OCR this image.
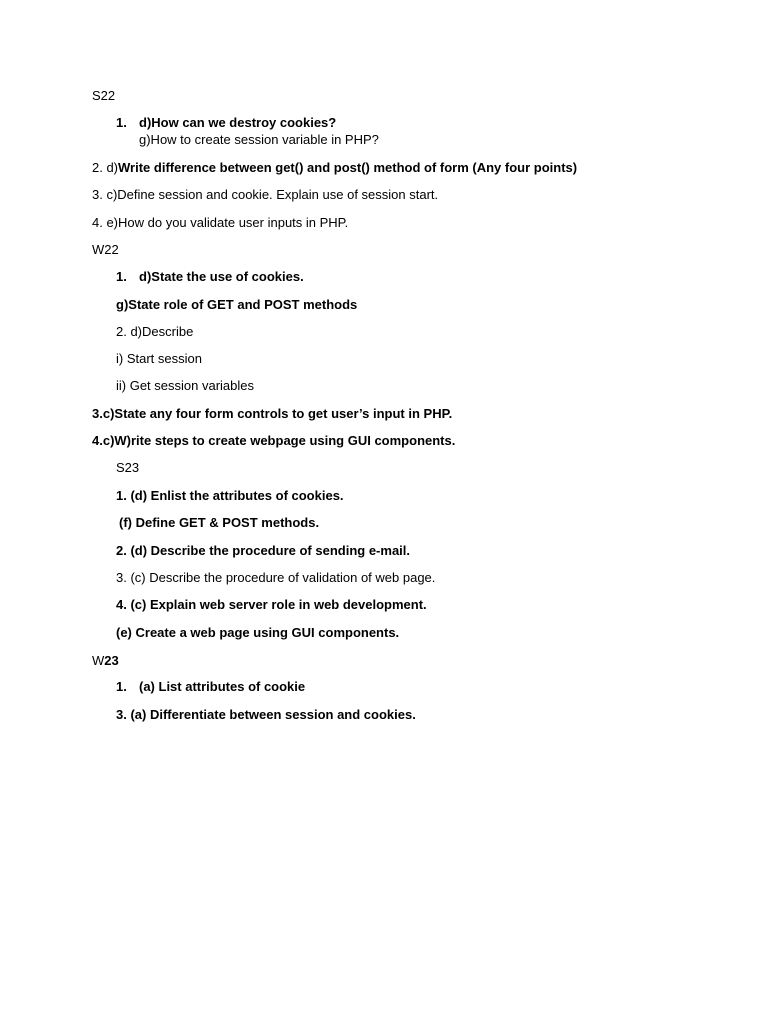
S22
1. d)How can we destroy cookies?
g)How to create session variable in PHP?
2. d)Write difference between get() and post() method of form (Any four points)
3. c)Define session and cookie. Explain use of session start.
4. e)How do you validate user inputs in PHP.
W22
1. d)State the use of cookies.
g)State role of GET and POST methods
2. d)Describe
i) Start session
ii) Get session variables
3.c)State any four form controls to get user’s input in PHP.
4.c)W)rite steps to create webpage using GUI components.
S23
1. (d) Enlist the attributes of cookies.
(f) Define GET & POST methods.
2. (d) Describe the procedure of sending e-mail.
3. (c) Describe the procedure of validation of web page.
4. (c) Explain web server role in web development.
(e) Create a web page using GUI components.
W23
1. (a) List attributes of cookie
3. (a) Differentiate between session and cookies.
